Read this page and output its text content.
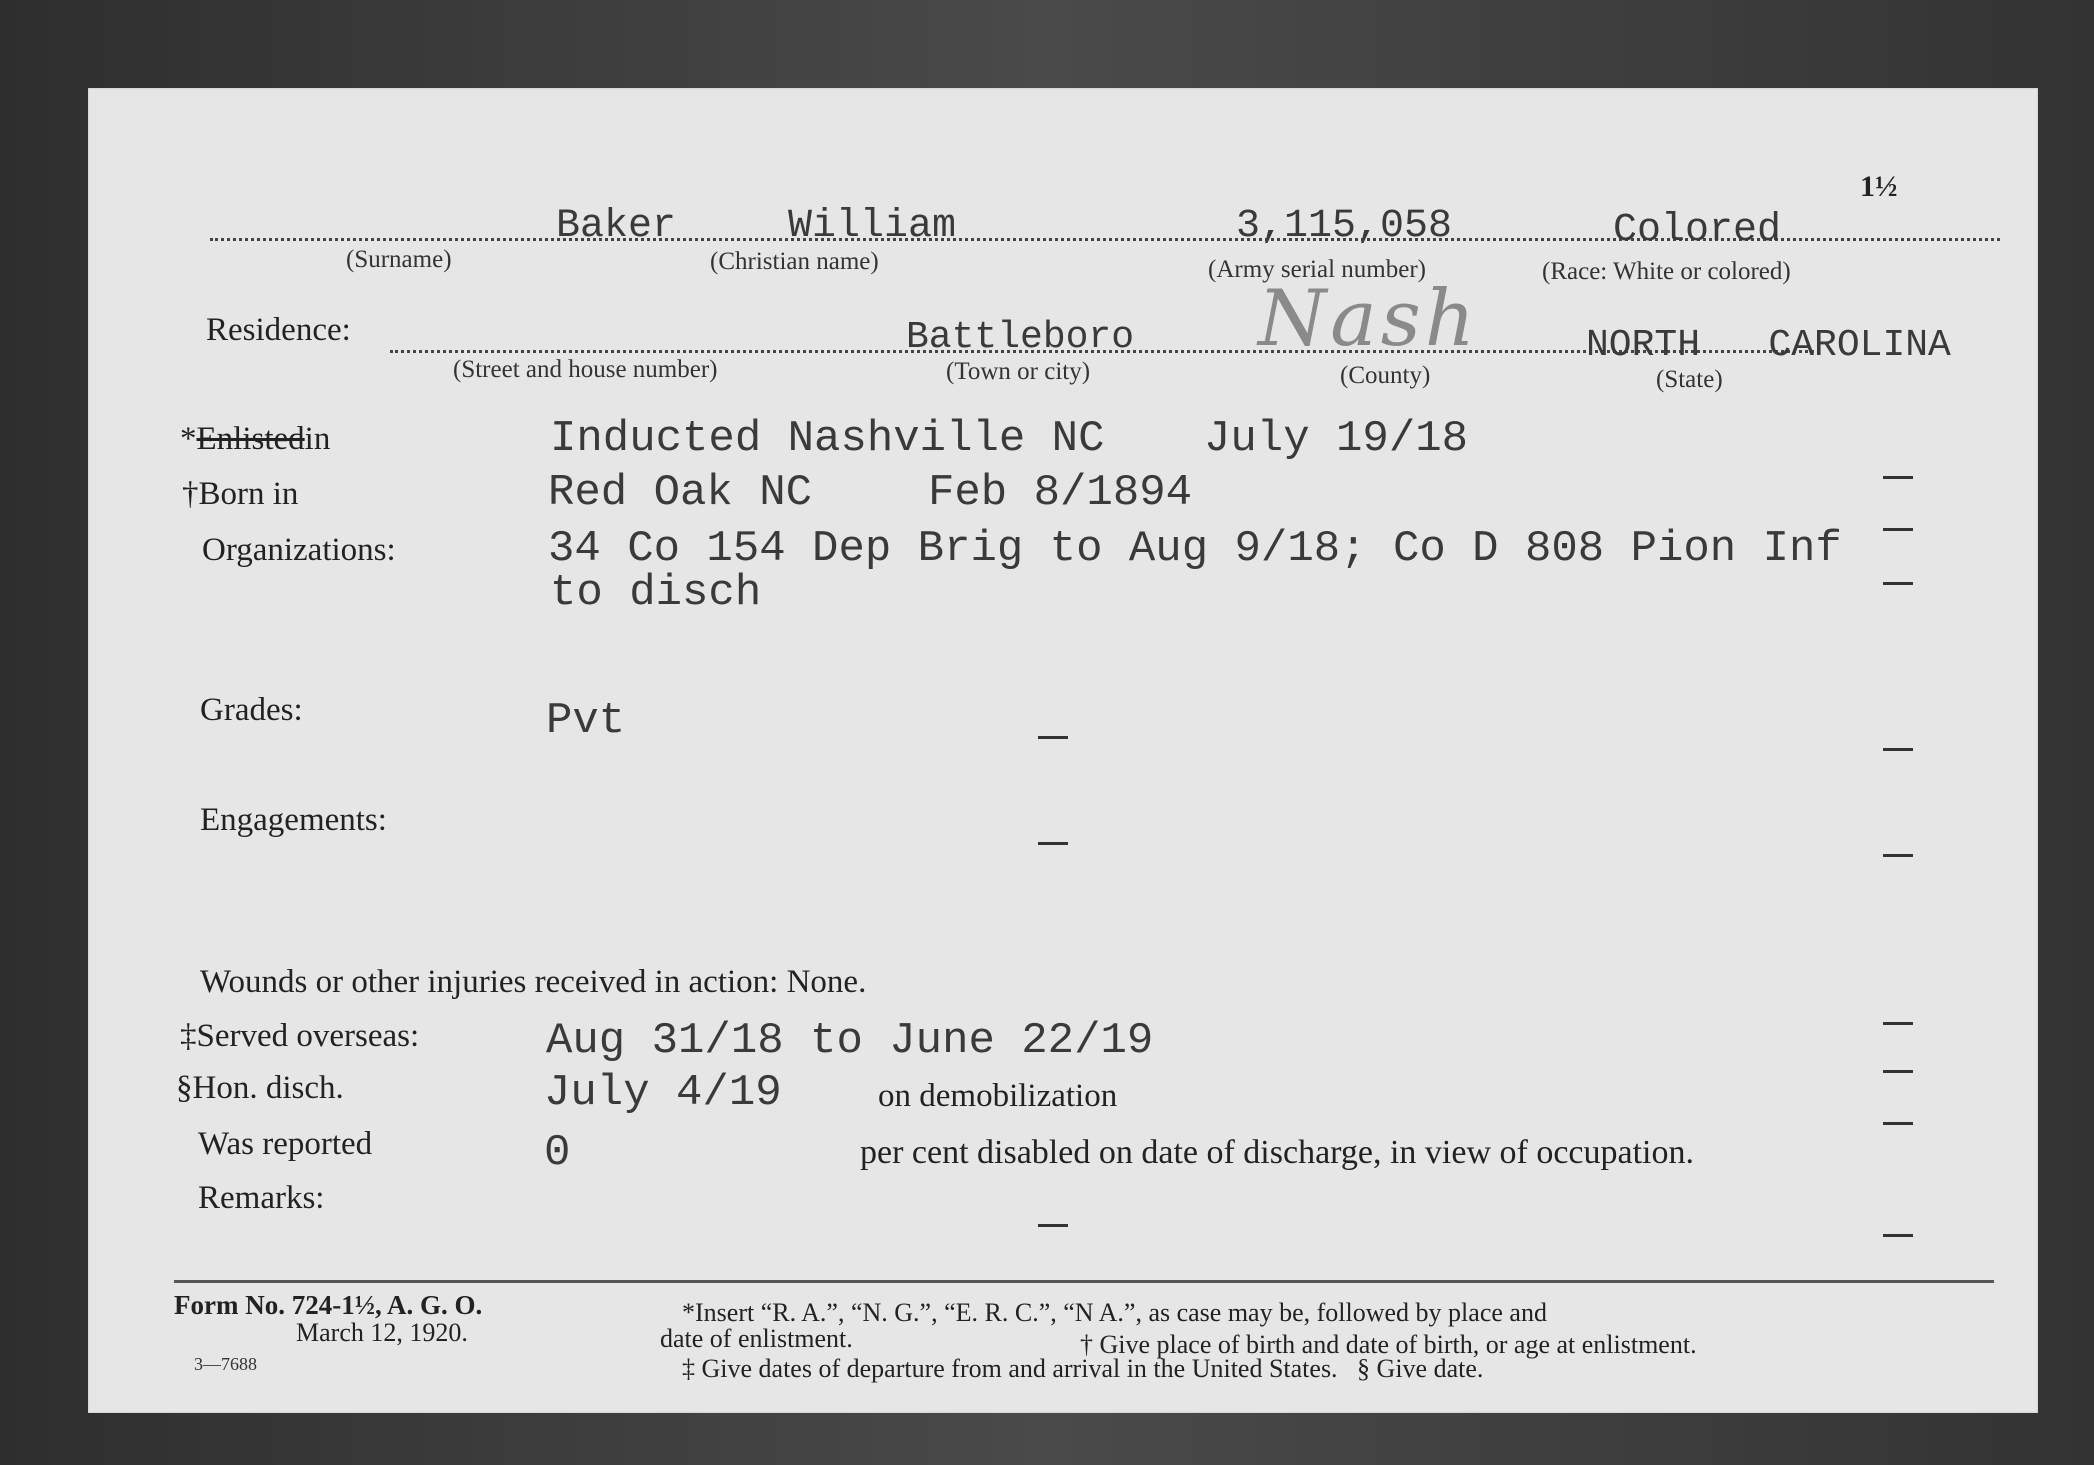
1½
Baker	William	3,115,058	Colored
(Surname)	(Christian name)	(Army serial number)	(Race: White or colored)
Residence:	Battleboro Nash	NORTH   CAROLINA
(Street and house number)	(Town or city)	(County)	(State)
*Enlistedin	Inducted Nashville NC July 19/18
†Born in	Red Oak NC	Feb 8/1894
Organizations:	34 Co 154 Dep Brig to Aug 9/18; Co D 808 Pion Inf
to disch
Grades:	Pvt
Engagements:
Wounds or other injuries received in action: None.
‡Served overseas:	Aug 31/18 to June 22/19
§Hon. disch.	July 4/19	on demobilization
Was reported	0	per cent disabled on date of discharge, in view of occupation.
Remarks:
Form No. 724-1½, A. G. O.
March 12, 1920.
3—7688
*Insert “R. A.”, “N. G.”, “E. R. C.”, “N A.”, as case may be, followed by place and
date of enlistment.	† Give place of birth and date of birth, or age at enlistment.
‡ Give dates of departure from and arrival in the United States.   § Give date.
